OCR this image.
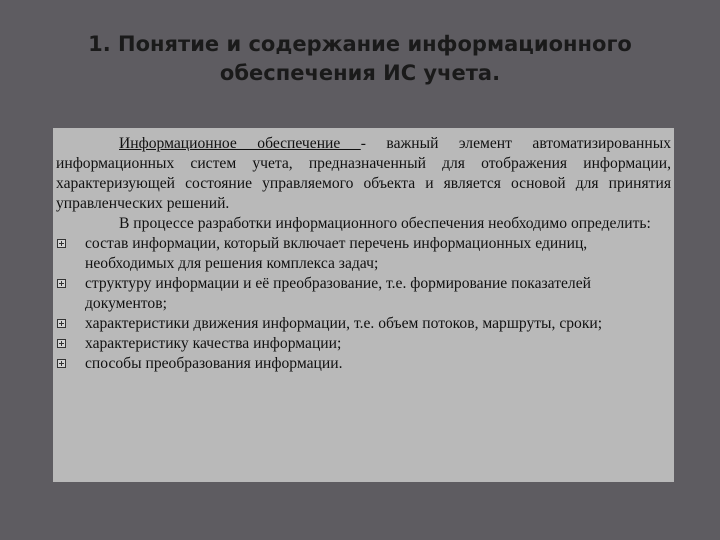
1. Понятие и содержание информационного
обеспечения ИС учета.

Информационное обеспечение - важный элемент автоматизированных информационных систем учета, предназначенный для отображения информации, характеризующей состояние управляемого объекта и является основой для принятия управленческих решений.

В процессе разработки информационного обеспечения необходимо определить:

состав информации, который включает перечень информационных единиц, необходимых для решения комплекса задач;
структуру информации и её преобразование, т.е. формирование показателей документов;
характеристики движения информации, т.е. объем потоков, маршруты, сроки;
характеристику качества информации;
способы преобразования информации.
